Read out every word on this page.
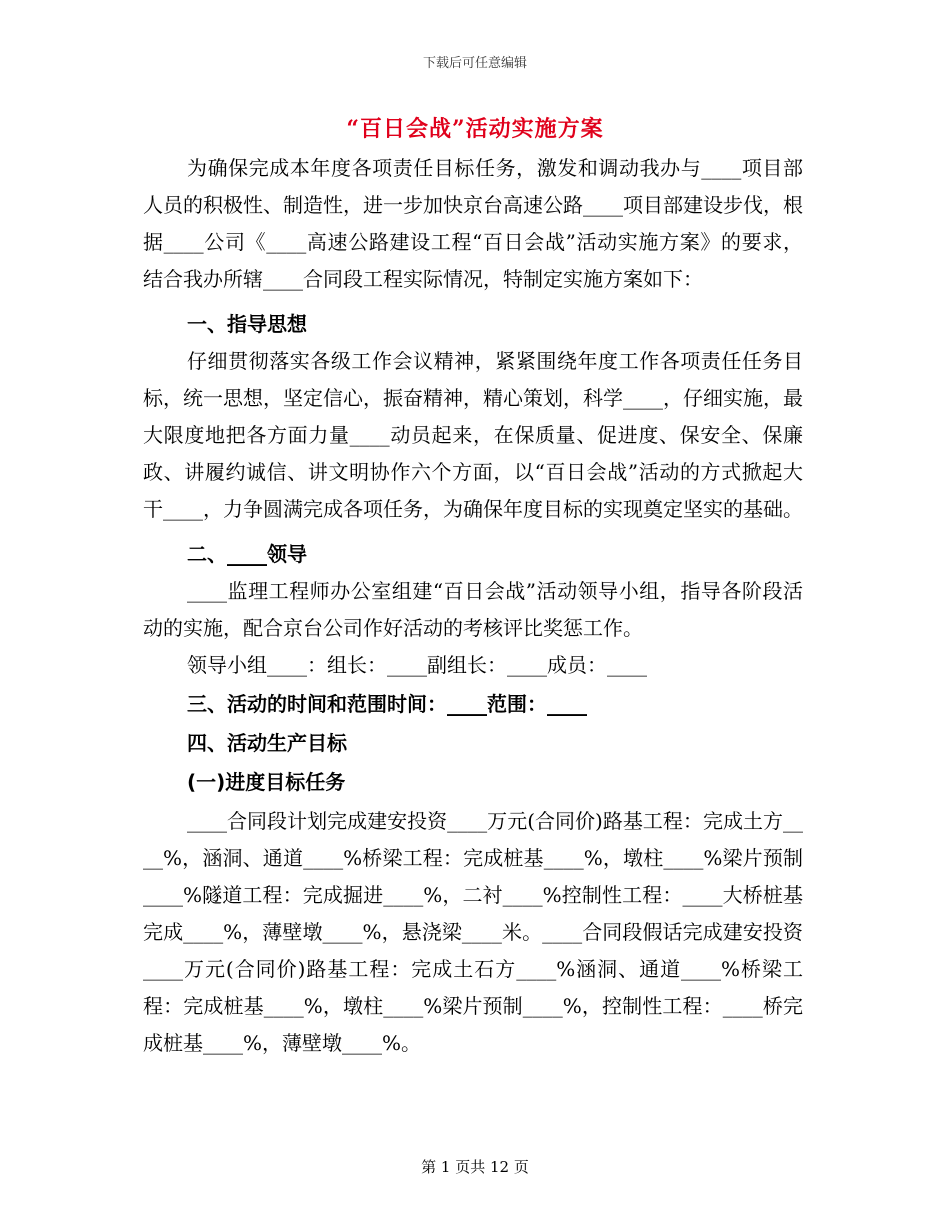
下载后可任意编辑
“百日会战”活动实施方案

为确保完成本年度各项责任目标任务，激发和调动我办与____项目部人员的积极性、制造性，进一步加快京台高速公路____项目部建设步伐，根据____公司《____高速公路建设工程“百日会战”活动实施方案》的要求，结合我办所辖____合同段工程实际情况，特制定实施方案如下：

一、指导思想

仔细贯彻落实各级工作会议精神，紧紧围绕年度工作各项责任任务目标，统一思想，坚定信心，振奋精神，精心策划，科学____，仔细实施，最大限度地把各方面力量____动员起来，在保质量、促进度、保安全、保廉政、讲履约诚信、讲文明协作六个方面，以“百日会战”活动的方式掀起大干____，力争圆满完成各项任务，为确保年度目标的实现奠定坚实的基础。

二、____领导

____监理工程师办公室组建“百日会战”活动领导小组，指导各阶段活动的实施，配合京台公司作好活动的考核评比奖惩工作。

领导小组____：组长：____副组长：____成员：____

三、活动的时间和范围时间：____范围：____

四、活动生产目标

(一)进度目标任务

____合同段计划完成建安投资____万元(合同价)路基工程：完成土方____%，涵洞、通道____%桥梁工程：完成桩基____%，墩柱____%梁片预制____%隧道工程：完成掘进____%，二衬____%控制性工程：____大桥桩基完成____%，薄壁墩____%，悬浇梁____米。____合同段假话完成建安投资____万元(合同价)路基工程：完成土石方____%涵洞、通道____%桥梁工程：完成桩基____%，墩柱____%梁片预制____%，控制性工程：____桥完成桩基____%，薄壁墩____%。

第 1 页共 12 页
